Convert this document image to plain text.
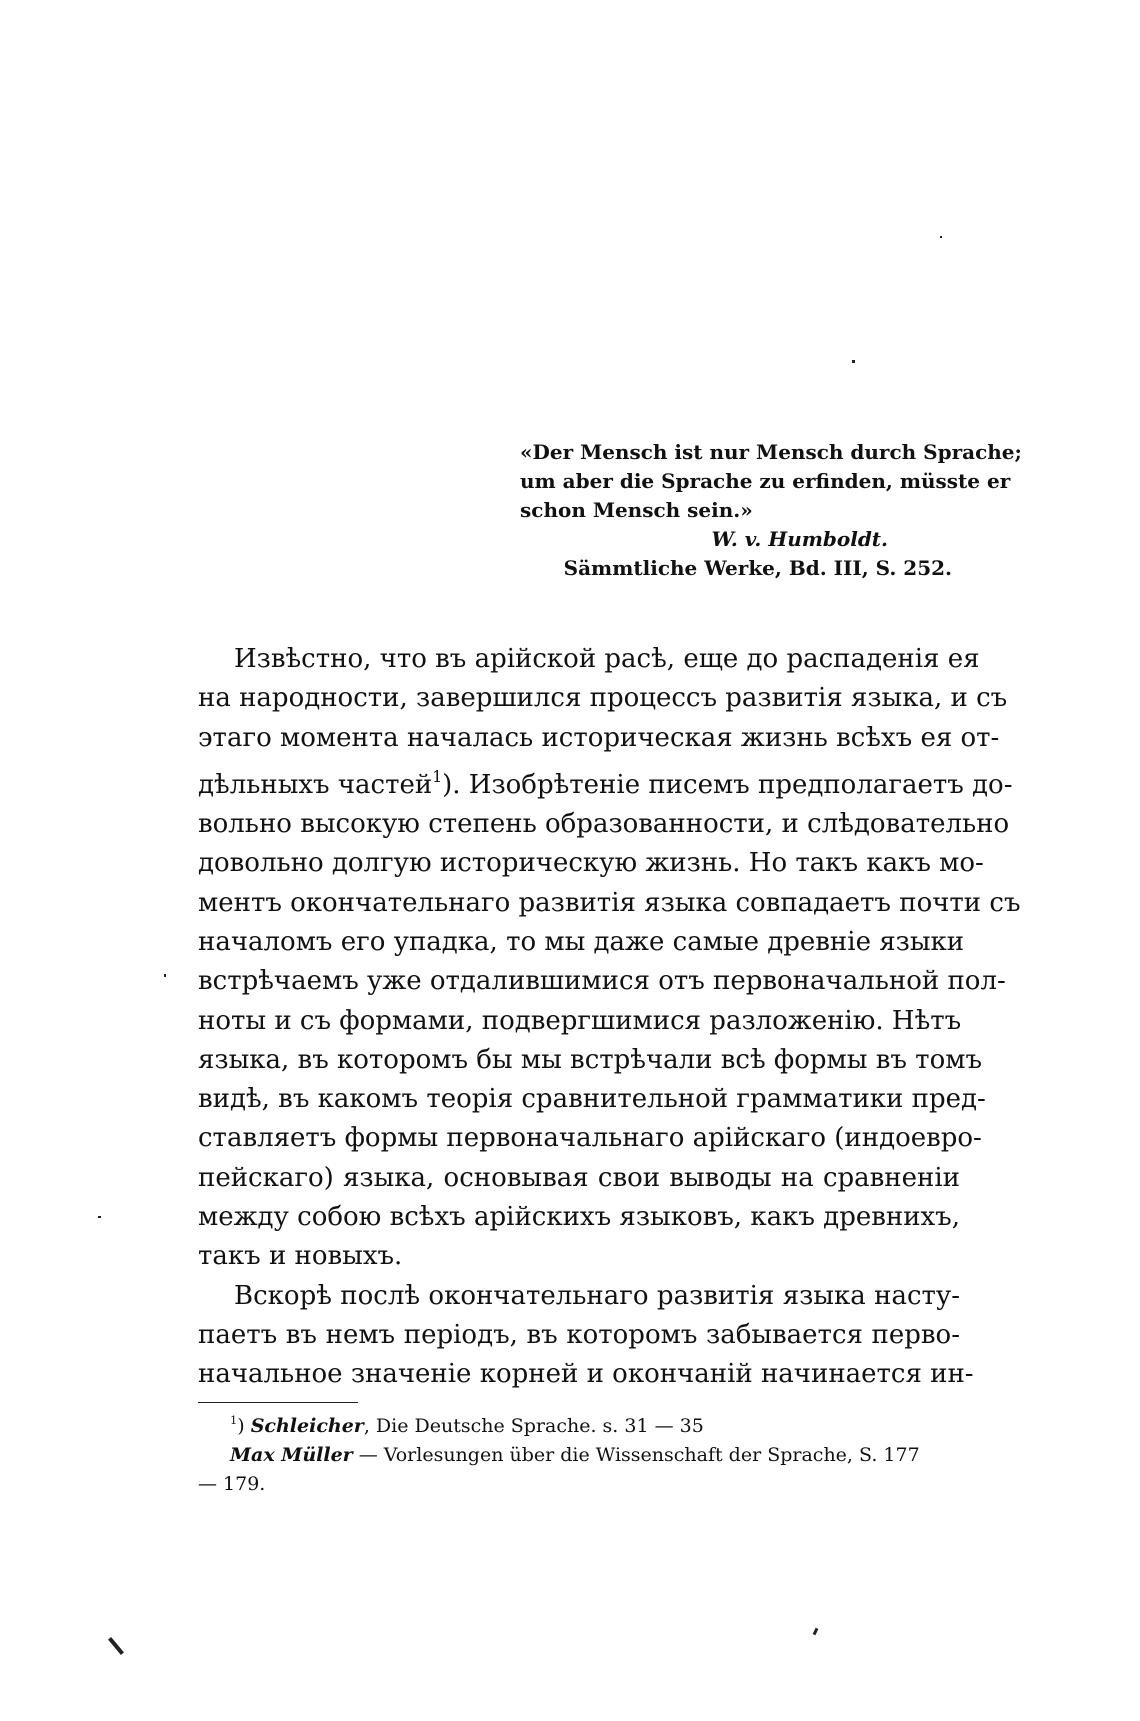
«Der Mensch ist nur Mensch durch Sprache;
um aber die Sprache zu erfinden, müsste er
schon Mensch sein.»
W. v. Humboldt.
Sämmtliche Werke, Bd. III, S. 252.
Извѣстно, что въ арійской расѣ, еще до распаденія ея
на народности, завершился процессъ развитія языка, и съ
этаго момента началась историческая жизнь всѣхъ ея от-
дѣльныхъ частей$^1$). Изобрѣтеніе писемъ предполагаетъ до-
вольно высокую степень образованности, и слѣдовательно
довольно долгую историческую жизнь. Но такъ какъ мо-
ментъ окончательнаго развитія языка совпадаетъ почти съ
началомъ его упадка, то мы даже самые древніе языки
встрѣчаемъ уже отдалившимися отъ первоначальной пол-
ноты и съ формами, подвергшимися разложенію. Нѣтъ
языка, въ которомъ бы мы встрѣчали всѣ формы въ томъ
видѣ, въ какомъ теорія сравнительной грамматики пред-
ставляетъ формы первоначальнаго арійскаго (индоевро-
пейскаго) языка, основывая свои выводы на сравненіи
между собою всѣхъ арійскихъ языковъ, какъ древнихъ,
такъ и новыхъ.
Вскорѣ послѣ окончательнаго развитія языка насту-
паетъ въ немъ періодъ, въ которомъ забывается перво-
начальное значеніе корней и окончаній начинается ин-
$^1$) Schleicher, Die Deutsche Sprache. s. 31 — 35
Max Müller — Vorlesungen über die Wissenschaft der Sprache, S. 177
— 179.
